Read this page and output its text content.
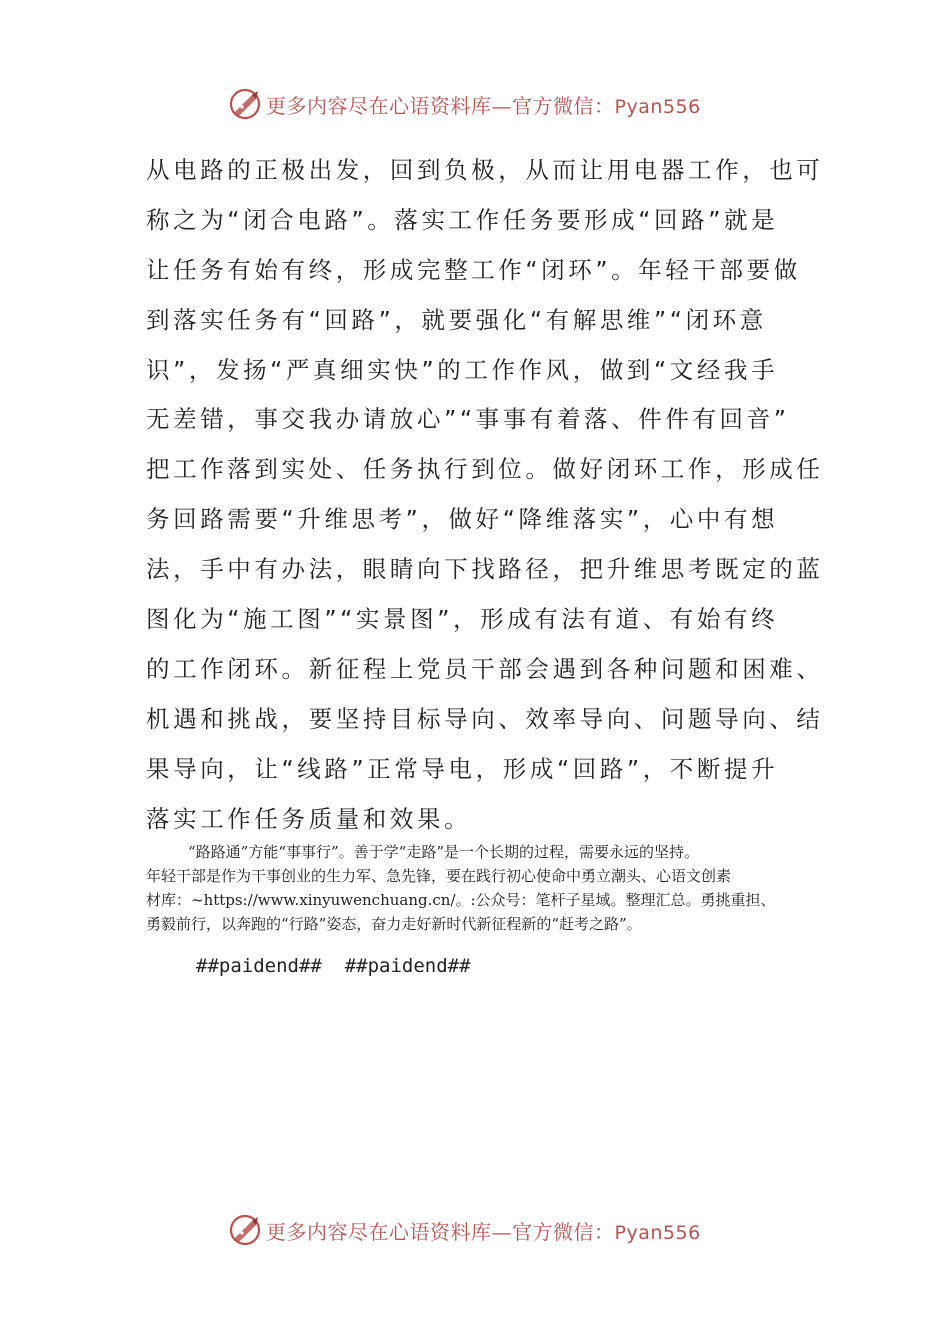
更多内容尽在心语资料库—官方微信：Pyan556
从电路的正极出发，回到负极，从而让用电器工作，也可
称之为“闭合电路”。落实工作任务要形成“回路”就是
让任务有始有终，形成完整工作“闭环”。年轻干部要做
到落实任务有“回路”，就要强化“有解思维”“闭环意
识”，发扬“严真细实快”的工作作风，做到“文经我手
无差错，事交我办请放心”“事事有着落、件件有回音”
把工作落到实处、任务执行到位。做好闭环工作，形成任
务回路需要“升维思考”，做好“降维落实”，心中有想
法，手中有办法，眼睛向下找路径，把升维思考既定的蓝
图化为“施工图”“实景图”，形成有法有道、有始有终
的工作闭环。新征程上党员干部会遇到各种问题和困难、
机遇和挑战，要坚持目标导向、效率导向、问题导向、结
果导向，让“线路”正常导电，形成“回路”，不断提升
落实工作任务质量和效果。
“路路通”方能“事事行”。善于学“走路”是一个长期的过程，需要永远的坚持。
年轻干部是作为干事创业的生力军、急先锋，要在践行初心使命中勇立潮头、心语文创素
材库：~https://www.xinyuwenchuang.cn/。:公众号：笔杆子星域。整理汇总。勇挑重担、
勇毅前行，以奔跑的“行路”姿态，奋力走好新时代新征程新的“赶考之路”。
##paidend##  ##paidend##
更多内容尽在心语资料库—官方微信：Pyan556
